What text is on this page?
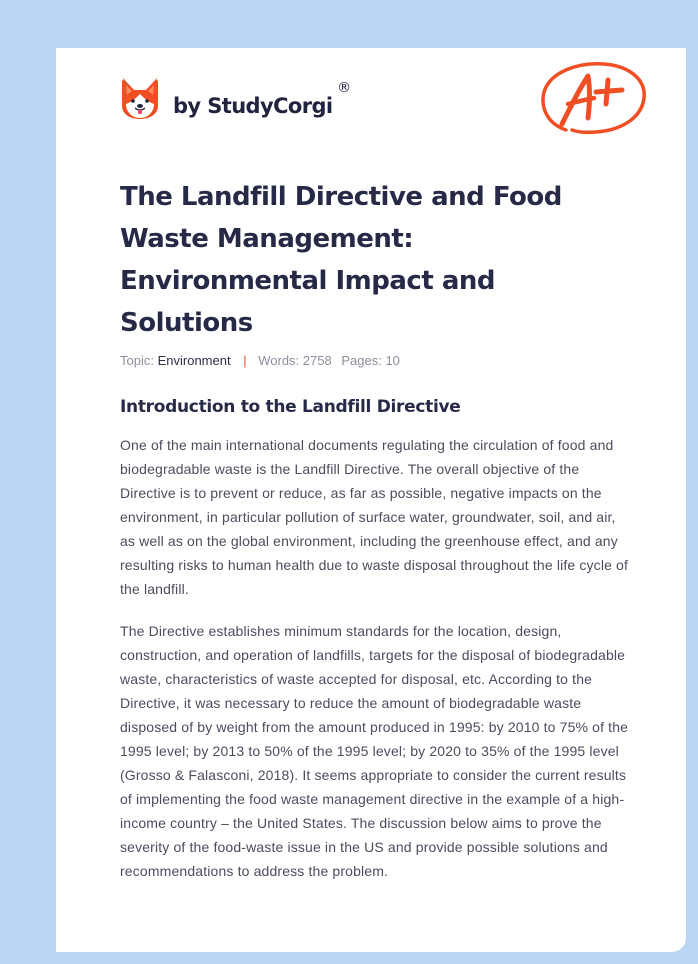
by StudyCorgi
®
The Landfill Directive and Food Waste Management: Environmental Impact and Solutions
Topic: Environment | Words: 2758 Pages: 10
Introduction to the Landfill Directive

One of the main international documents regulating the circulation of food and biodegradable waste is the Landfill Directive. The overall objective of the Directive is to prevent or reduce, as far as possible, negative impacts on the environment, in particular pollution of surface water, groundwater, soil, and air, as well as on the global environment, including the greenhouse effect, and any resulting risks to human health due to waste disposal throughout the life cycle of the landfill.

The Directive establishes minimum standards for the location, design, construction, and operation of landfills, targets for the disposal of biodegradable waste, characteristics of waste accepted for disposal, etc. According to the Directive, it was necessary to reduce the amount of biodegradable waste disposed of by weight from the amount produced in 1995: by 2010 to 75% of the 1995 level; by 2013 to 50% of the 1995 level; by 2020 to 35% of the 1995 level (Grosso & Falasconi, 2018). It seems appropriate to consider the current results of implementing the food waste management directive in the example of a high-income country – the United States. The discussion below aims to prove the severity of the food-waste issue in the US and provide possible solutions and recommendations to address the problem.
